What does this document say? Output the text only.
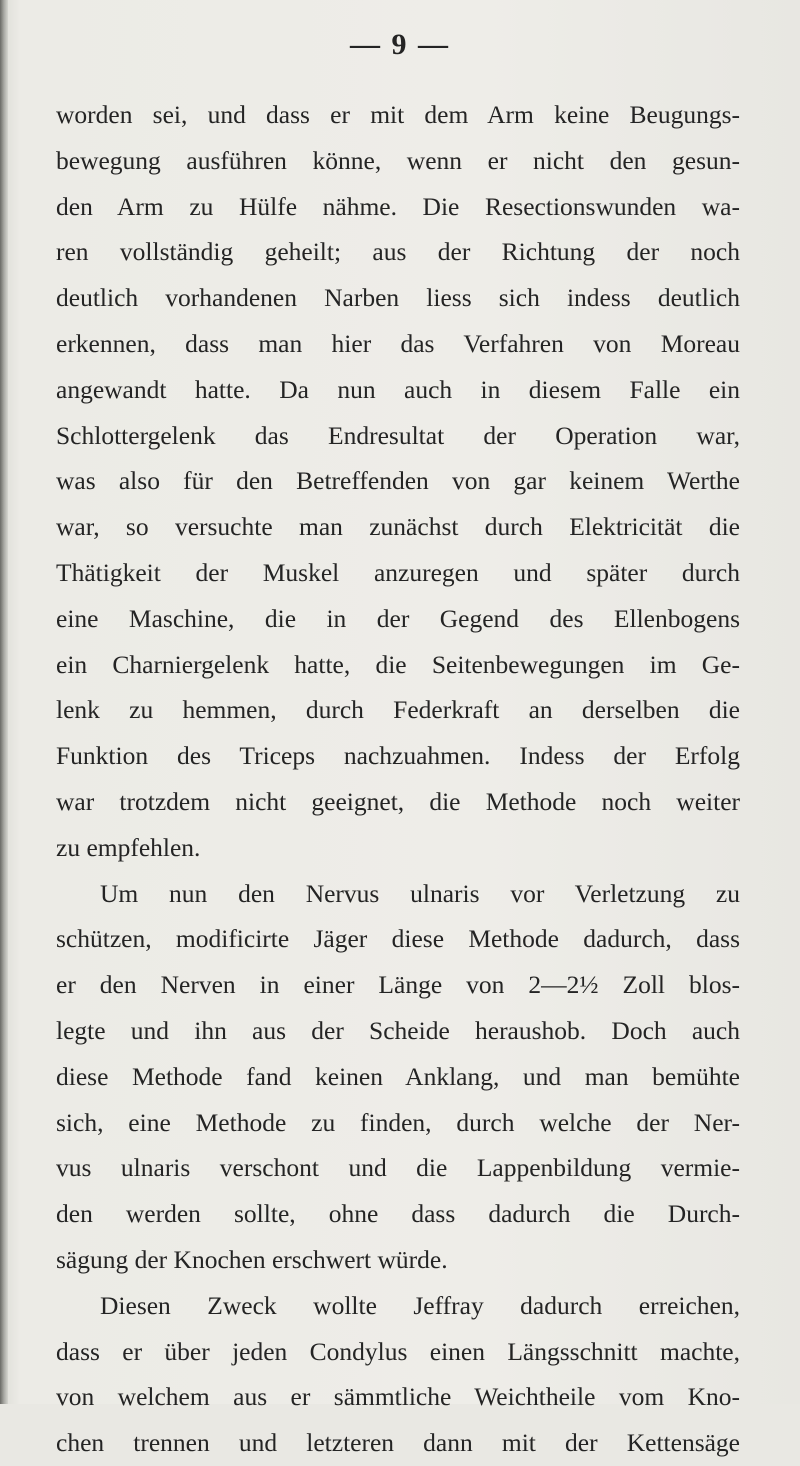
— 9 —
worden sei, und dass er mit dem Arm keine Beugungs-
bewegung ausführen könne, wenn er nicht den gesun-
den Arm zu Hülfe nähme. Die Resectionswunden wa-
ren vollständig geheilt; aus der Richtung der noch
deutlich vorhandenen Narben liess sich indess deutlich
erkennen, dass man hier das Verfahren von Moreau
angewandt hatte. Da nun auch in diesem Falle ein
Schlottergelenk das Endresultat der Operation war,
was also für den Betreffenden von gar keinem Werthe
war, so versuchte man zunächst durch Elektricität die
Thätigkeit der Muskel anzuregen und später durch
eine Maschine, die in der Gegend des Ellenbogens
ein Charniergelenk hatte, die Seitenbewegungen im Ge-
lenk zu hemmen, durch Federkraft an derselben die
Funktion des Triceps nachzuahmen. Indess der Erfolg
war trotzdem nicht geeignet, die Methode noch weiter
zu empfehlen.
Um nun den Nervus ulnaris vor Verletzung zu
schützen, modificirte Jäger diese Methode dadurch, dass
er den Nerven in einer Länge von 2—2½ Zoll blos-
legte und ihn aus der Scheide heraushob. Doch auch
diese Methode fand keinen Anklang, und man bemühte
sich, eine Methode zu finden, durch welche der Ner-
vus ulnaris verschont und die Lappenbildung vermie-
den werden sollte, ohne dass dadurch die Durch-
sägung der Knochen erschwert würde.
Diesen Zweck wollte Jeffray dadurch erreichen,
dass er über jeden Condylus einen Längsschnitt machte,
von welchem aus er sämmtliche Weichtheile vom Kno-
chen trennen und letzteren dann mit der Kettensäge
